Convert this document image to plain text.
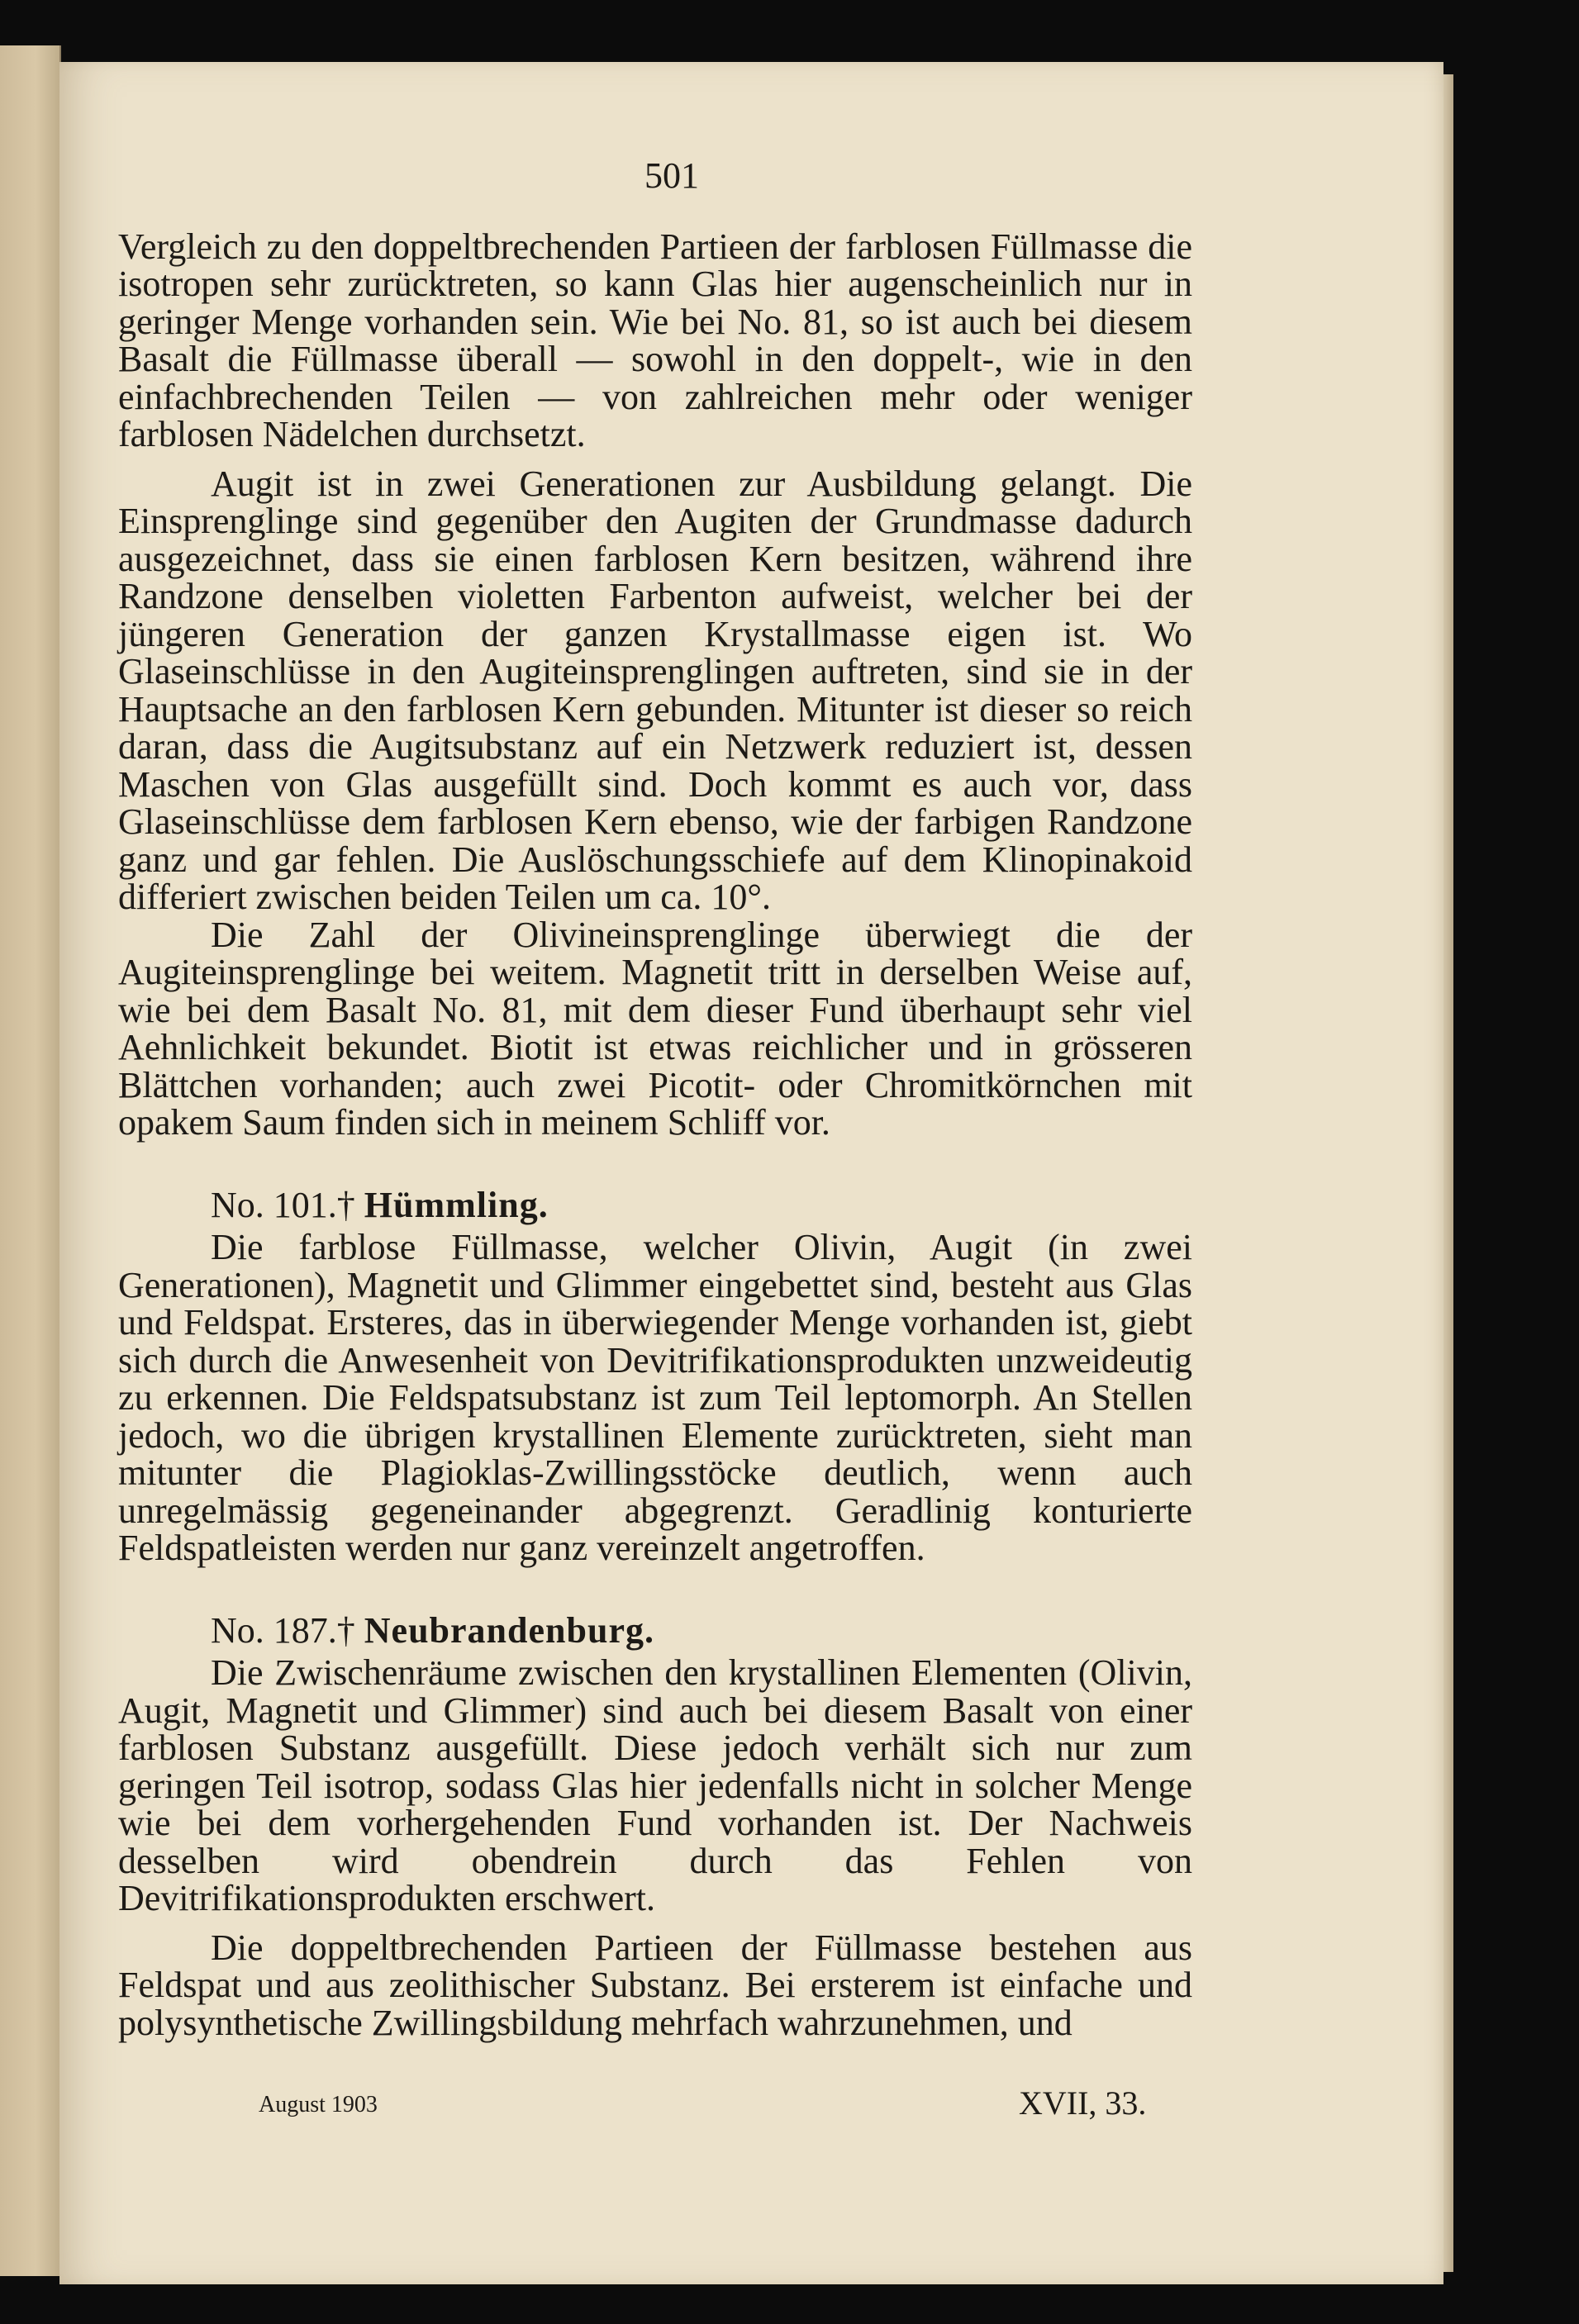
501

Vergleich zu den doppeltbrechenden Partieen der farblosen Füllmasse die isotropen sehr zurücktreten, so kann Glas hier augenscheinlich nur in geringer Menge vorhanden sein. Wie bei No. 81, so ist auch bei diesem Basalt die Füllmasse überall — sowohl in den doppelt-, wie in den einfachbrechenden Teilen — von zahlreichen mehr oder weniger farblosen Nädelchen durchsetzt.

Augit ist in zwei Generationen zur Ausbildung gelangt. Die Einsprenglinge sind gegenüber den Augiten der Grundmasse dadurch ausgezeichnet, dass sie einen farblosen Kern besitzen, während ihre Randzone denselben violetten Farbenton aufweist, welcher bei der jüngeren Generation der ganzen Krystallmasse eigen ist. Wo Glaseinschlüsse in den Augiteinsprenglingen auftreten, sind sie in der Hauptsache an den farblosen Kern gebunden. Mitunter ist dieser so reich daran, dass die Augitsubstanz auf ein Netzwerk reduziert ist, dessen Maschen von Glas ausgefüllt sind. Doch kommt es auch vor, dass Glaseinschlüsse dem farblosen Kern ebenso, wie der farbigen Randzone ganz und gar fehlen. Die Auslöschungsschiefe auf dem Klinopinakoid differiert zwischen beiden Teilen um ca. 10°.

Die Zahl der Olivineinsprenglinge überwiegt die der Augiteinsprenglinge bei weitem. Magnetit tritt in derselben Weise auf, wie bei dem Basalt No. 81, mit dem dieser Fund überhaupt sehr viel Aehnlichkeit bekundet. Biotit ist etwas reichlicher und in grösseren Blättchen vorhanden; auch zwei Picotit- oder Chromitkörnchen mit opakem Saum finden sich in meinem Schliff vor.

No. 101.† Hümmling.

Die farblose Füllmasse, welcher Olivin, Augit (in zwei Generationen), Magnetit und Glimmer eingebettet sind, besteht aus Glas und Feldspat. Ersteres, das in überwiegender Menge vorhanden ist, giebt sich durch die Anwesenheit von Devitrifikationsprodukten unzweideutig zu erkennen. Die Feldspatsubstanz ist zum Teil leptomorph. An Stellen jedoch, wo die übrigen krystallinen Elemente zurücktreten, sieht man mitunter die Plagioklas-Zwillingsstöcke deutlich, wenn auch unregelmässig gegeneinander abgegrenzt. Geradlinig konturierte Feldspatleisten werden nur ganz vereinzelt angetroffen.

No. 187.† Neubrandenburg.

Die Zwischenräume zwischen den krystallinen Elementen (Olivin, Augit, Magnetit und Glimmer) sind auch bei diesem Basalt von einer farblosen Substanz ausgefüllt. Diese jedoch verhält sich nur zum geringen Teil isotrop, sodass Glas hier jedenfalls nicht in solcher Menge wie bei dem vorhergehenden Fund vorhanden ist. Der Nachweis desselben wird obendrein durch das Fehlen von Devitrifikationsprodukten erschwert.

Die doppeltbrechenden Partieen der Füllmasse bestehen aus Feldspat und aus zeolithischer Substanz. Bei ersterem ist einfache und polysynthetische Zwillingsbildung mehrfach wahrzunehmen, und

August 1903	XVII, 33.
